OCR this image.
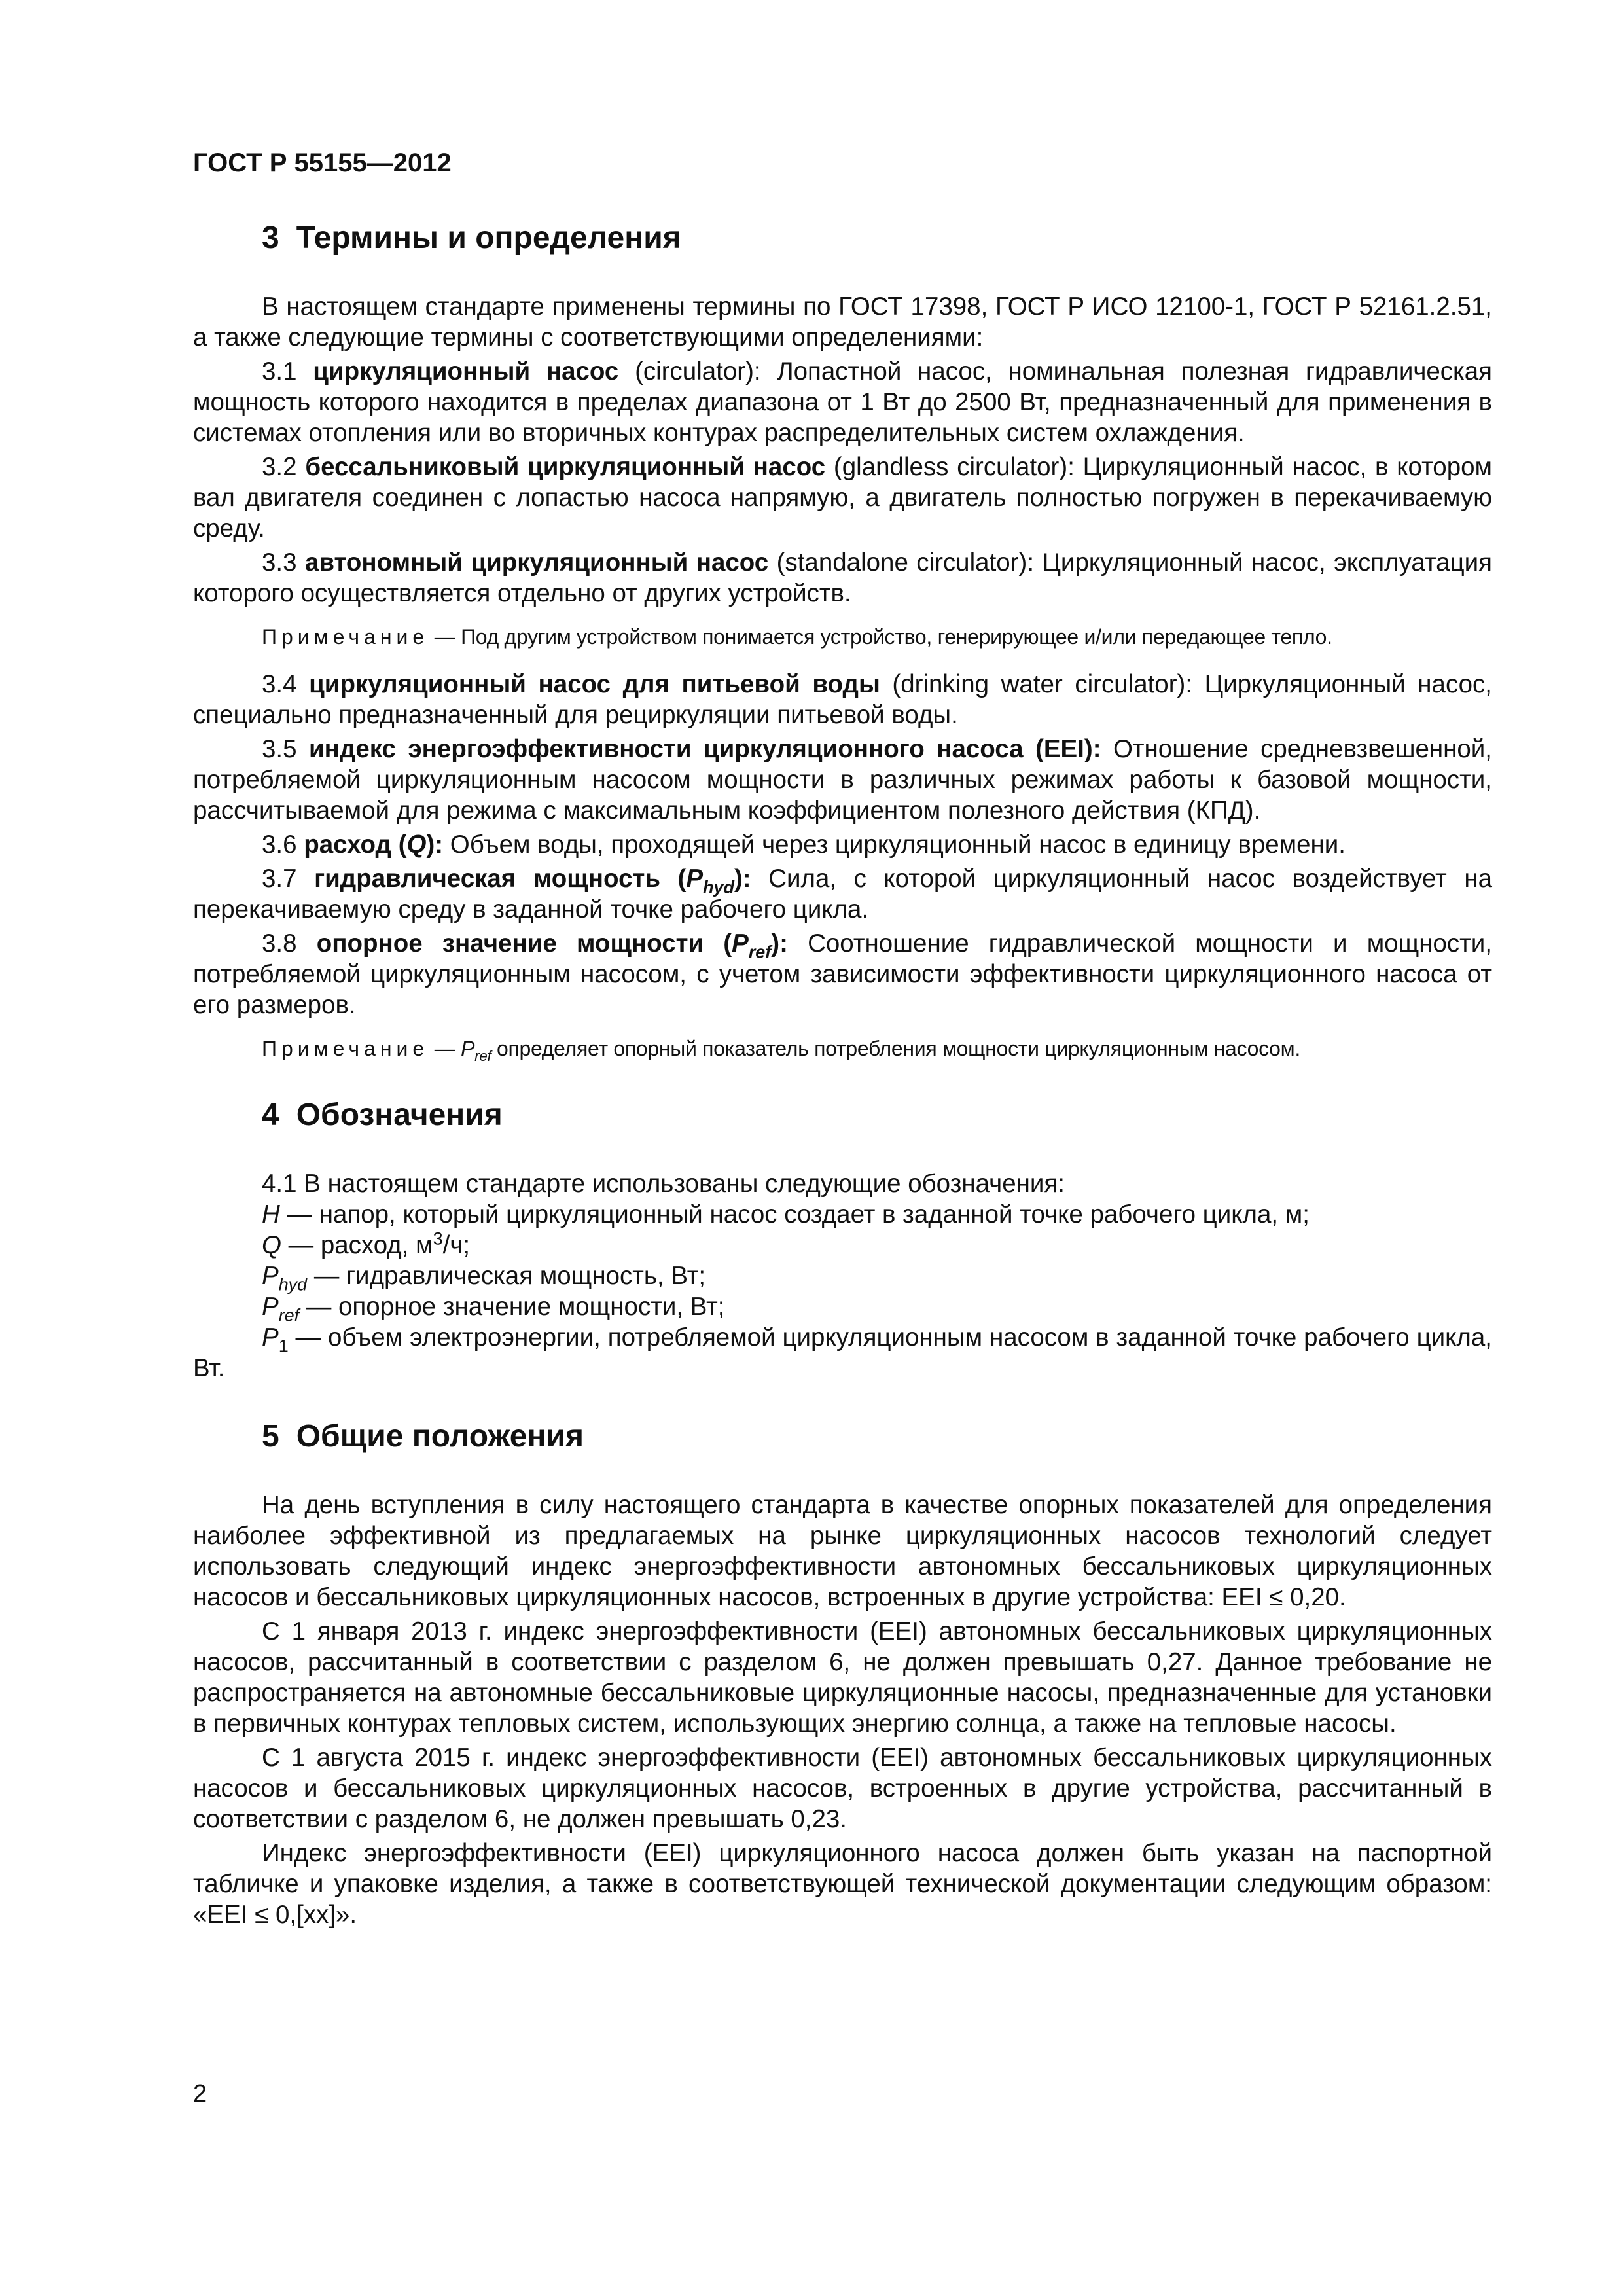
ГОСТ Р 55155—2012
3 Термины и определения

В настоящем стандарте применены термины по ГОСТ 17398, ГОСТ Р ИСО 12100-1, ГОСТ Р 52161.2.51, а также следующие термины с соответствующими определениями:

3.1 циркуляционный насос (circulator): Лопастной насос, номинальная полезная гидравлическая мощность которого находится в пределах диапазона от 1 Вт до 2500 Вт, предназначенный для применения в системах отопления или во вторичных контурах распределительных систем охлаждения.

3.2 бессальниковый циркуляционный насос (glandless circulator): Циркуляционный насос, в котором вал двигателя соединен с лопастью насоса напрямую, а двигатель полностью погружен в перекачиваемую среду.

3.3 автономный циркуляционный насос (standalone circulator): Циркуляционный насос, эксплуатация которого осуществляется отдельно от других устройств.

Примечание — Под другим устройством понимается устройство, генерирующее и/или передающее тепло.

3.4 циркуляционный насос для питьевой воды (drinking water circulator): Циркуляционный насос, специально предназначенный для рециркуляции питьевой воды.

3.5 индекс энергоэффективности циркуляционного насоса (EEI): Отношение средневзвешенной, потребляемой циркуляционным насосом мощности в различных режимах работы к базовой мощности, рассчитываемой для режима с максимальным коэффициентом полезного действия (КПД).

3.6 расход (Q): Объем воды, проходящей через циркуляционный насос в единицу времени.

3.7 гидравлическая мощность $(P_{hyd})$: Сила, с которой циркуляционный насос воздействует на перекачиваемую среду в заданной точке рабочего цикла.

3.8 опорное значение мощности $(P_{ref})$: Соотношение гидравлической мощности и мощности, потребляемой циркуляционным насосом, с учетом зависимости эффективности циркуляционного насоса от его размеров.

Примечание — $P_{ref}$ определяет опорный показатель потребления мощности циркуляционным насосом.

4 Обозначения

4.1 В настоящем стандарте использованы следующие обозначения:

H — напор, который циркуляционный насос создает в заданной точке рабочего цикла, м;

Q — расход, $м^3/ч$;

$P_{hyd}$ — гидравлическая мощность, Вт;

$P_{ref}$ — опорное значение мощности, Вт;

$P_1$ — объем электроэнергии, потребляемой циркуляционным насосом в заданной точке рабочего цикла, Вт.

5 Общие положения

На день вступления в силу настоящего стандарта в качестве опорных показателей для определения наиболее эффективной из предлагаемых на рынке циркуляционных насосов технологий следует использовать следующий индекс энергоэффективности автономных бессальниковых циркуляционных насосов и бессальниковых циркуляционных насосов, встроенных в другие устройства: EEI ≤ 0,20.

С 1 января 2013 г. индекс энергоэффективности (EEI) автономных бессальниковых циркуляционных насосов, рассчитанный в соответствии с разделом 6, не должен превышать 0,27. Данное требование не распространяется на автономные бессальниковые циркуляционные насосы, предназначенные для установки в первичных контурах тепловых систем, использующих энергию солнца, а также на тепловые насосы.

С 1 августа 2015 г. индекс энергоэффективности (EEI) автономных бессальниковых циркуляционных насосов и бессальниковых циркуляционных насосов, встроенных в другие устройства, рассчитанный в соответствии с разделом 6, не должен превышать 0,23.

Индекс энергоэффективности (EEI) циркуляционного насоса должен быть указан на паспортной табличке и упаковке изделия, а также в соответствующей технической документации следующим образом: «EEI ≤ 0,[xx]».

2
